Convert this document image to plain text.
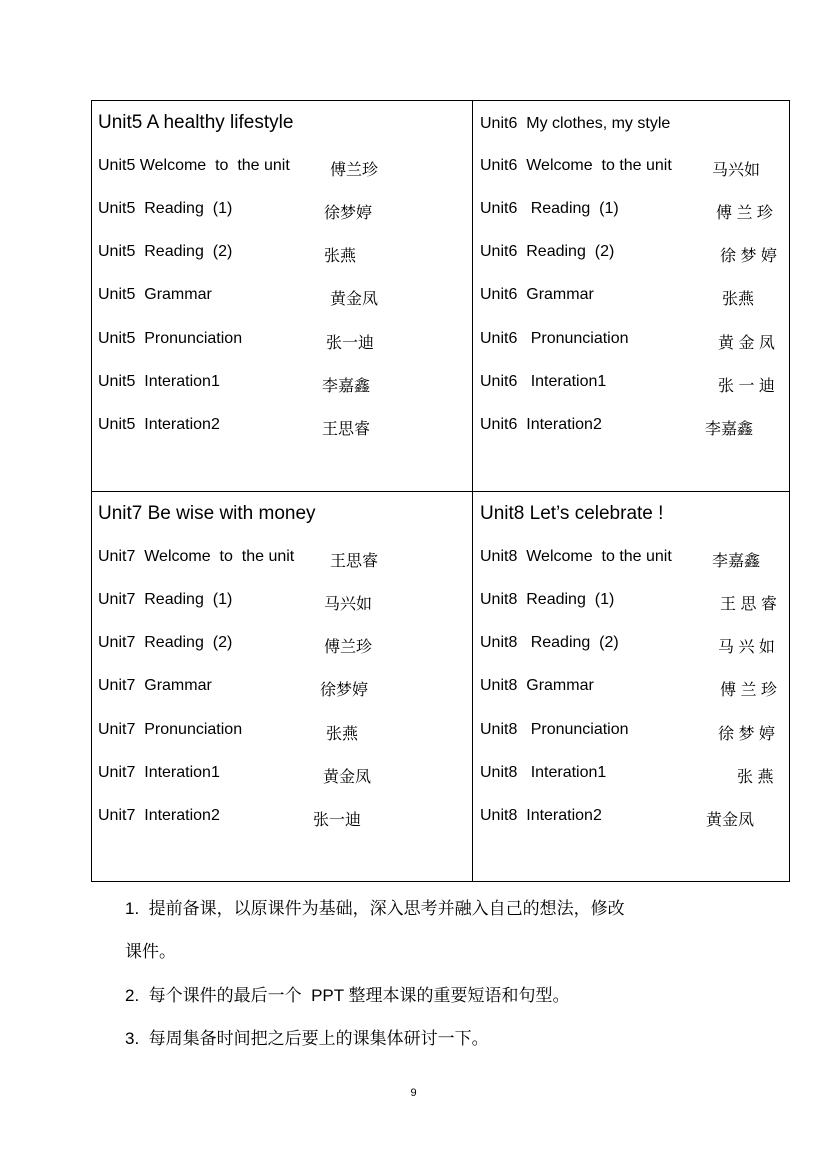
Unit5 A healthy lifestyle
Unit5 Welcome  to  the unit	傅兰珍
Unit5  Reading  (1)	徐梦婷
Unit5  Reading  (2)	张燕
Unit5  Grammar	黄金凤
Unit5  Pronunciation	张一迪
Unit5  Interation1	李嘉鑫
Unit5  Interation2	王思睿
Unit6  My clothes, my style
Unit6  Welcome  to the unit	马兴如
Unit6   Reading  (1)	傅 兰 珍
Unit6  Reading  (2)	徐 梦 婷
Unit6  Grammar	张燕
Unit6   Pronunciation	黄 金 凤
Unit6   Interation1	张 一 迪
Unit6  Interation2	李嘉鑫
Unit7 Be wise with money
Unit7  Welcome  to  the unit 王思睿
Unit7  Reading  (1)	马兴如
Unit7  Reading  (2)	傅兰珍
Unit7  Grammar	徐梦婷
Unit7  Pronunciation	张燕
Unit7  Interation1	黄金凤
Unit7  Interation2	张一迪
Unit8 Let’s celebrate !
Unit8  Welcome  to the unit	李嘉鑫
Unit8  Reading  (1)	王 思 睿
Unit8   Reading  (2)	马 兴 如
Unit8  Grammar	傅 兰 珍
Unit8   Pronunciation	徐 梦 婷
Unit8   Interation1	张 燕
Unit8  Interation2	黄金凤
1.  提前备课，以原课件为基础，深入思考并融入自己的想法，修改
课件。
2.  每个课件的最后一个  PPT 整理本课的重要短语和句型。
3.  每周集备时间把之后要上的课集体研讨一下。
9
